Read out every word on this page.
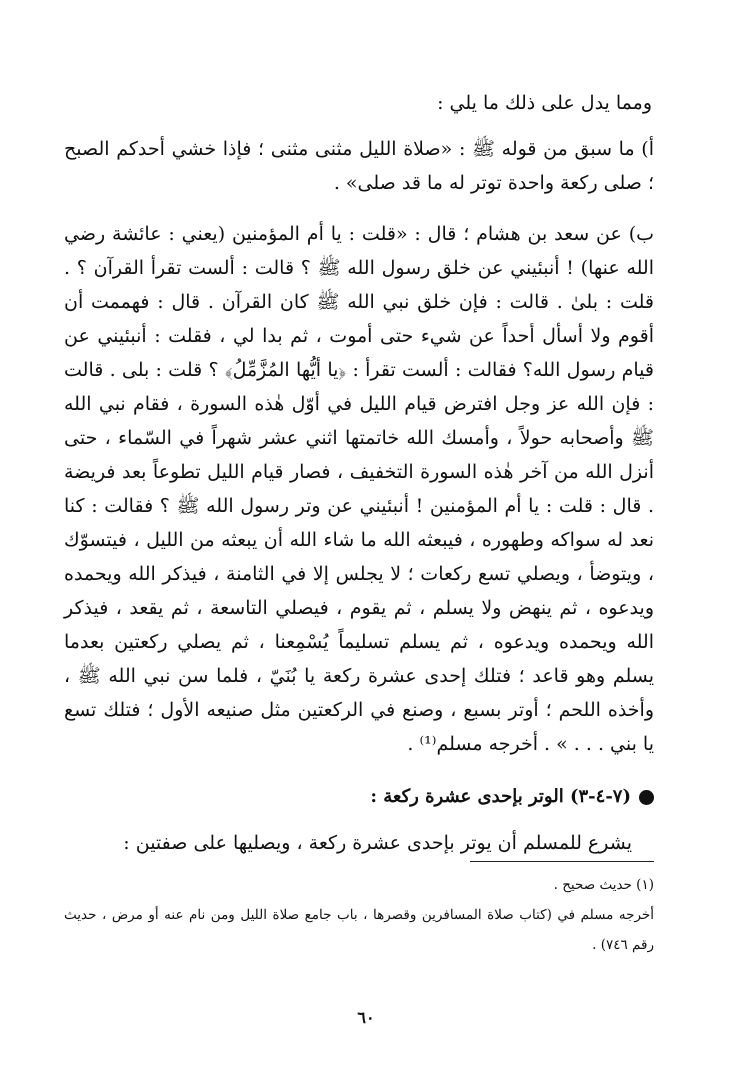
ومما يدل على ذلك ما يلي :

أ) ما سبق من قوله ﷺ : «صلاة الليل مثنى مثنى ؛ فإذا خشي أحدكم الصبح ؛ صلى ركعة واحدة توتر له ما قد صلى» .

ب) عن سعد بن هشام ؛ قال : «قلت : يا أم المؤمنين (يعني : عائشة رضي الله عنها) ! أنبئيني عن خلق رسول الله ﷺ ؟ قالت : ألست تقرأ القرآن ؟ . قلت : بلىٰ . قالت : فإن خلق نبي الله ﷺ كان القرآن . قال : فهممت أن أقوم ولا أسأل أحداً عن شيء حتى أموت ، ثم بدا لي ، فقلت : أنبئيني عن قيام رسول الله؟ فقالت : ألست تقرأ : ﴿يا أيُّها المُزَّمِّلُ﴾ ؟ قلت : بلى . قالت : فإن الله عز وجل افترض قيام الليل في أوّل هٰذه السورة ، فقام نبي الله ﷺ وأصحابه حولاً ، وأمسك الله خاتمتها اثني عشر شهراً في السّماء ، حتى أنزل الله من آخر هٰذه السورة التخفيف ، فصار قيام الليل تطوعاً بعد فريضة . قال : قلت : يا أم المؤمنين ! أنبئيني عن وتر رسول الله ﷺ ؟ فقالت : كنا نعد له سواكه وطهوره ، فيبعثه الله ما شاء الله أن يبعثه من الليل ، فيتسوّك ، ويتوضأ ، ويصلي تسع ركعات ؛ لا يجلس إلا في الثامنة ، فيذكر الله ويحمده ويدعوه ، ثم ينهض ولا يسلم ، ثم يقوم ، فيصلي التاسعة ، ثم يقعد ، فيذكر الله ويحمده ويدعوه ، ثم يسلم تسليماً يُسْمِعنا ، ثم يصلي ركعتين بعدما يسلم وهو قاعد ؛ فتلك إحدى عشرة ركعة يا بُنَيّ ، فلما سن نبي الله ﷺ ، وأخذه اللحم ؛ أوتر بسبع ، وصنع في الركعتين مثل صنيعه الأول ؛ فتلك تسع يا بني . . . » . أخرجه مسلم⁽¹⁾ .

(٧-٤-٣) الوتر بإحدى عشرة ركعة :

يشرع للمسلم أن يوتر بإحدى عشرة ركعة ، ويصليها على صفتين :

(١) حديث صحيح .

أخرجه مسلم في (كتاب صلاة المسافرين وقصرها ، باب جامع صلاة الليل ومن نام عنه أو مرض ، حديث رقم ٧٤٦) .

٦٠
